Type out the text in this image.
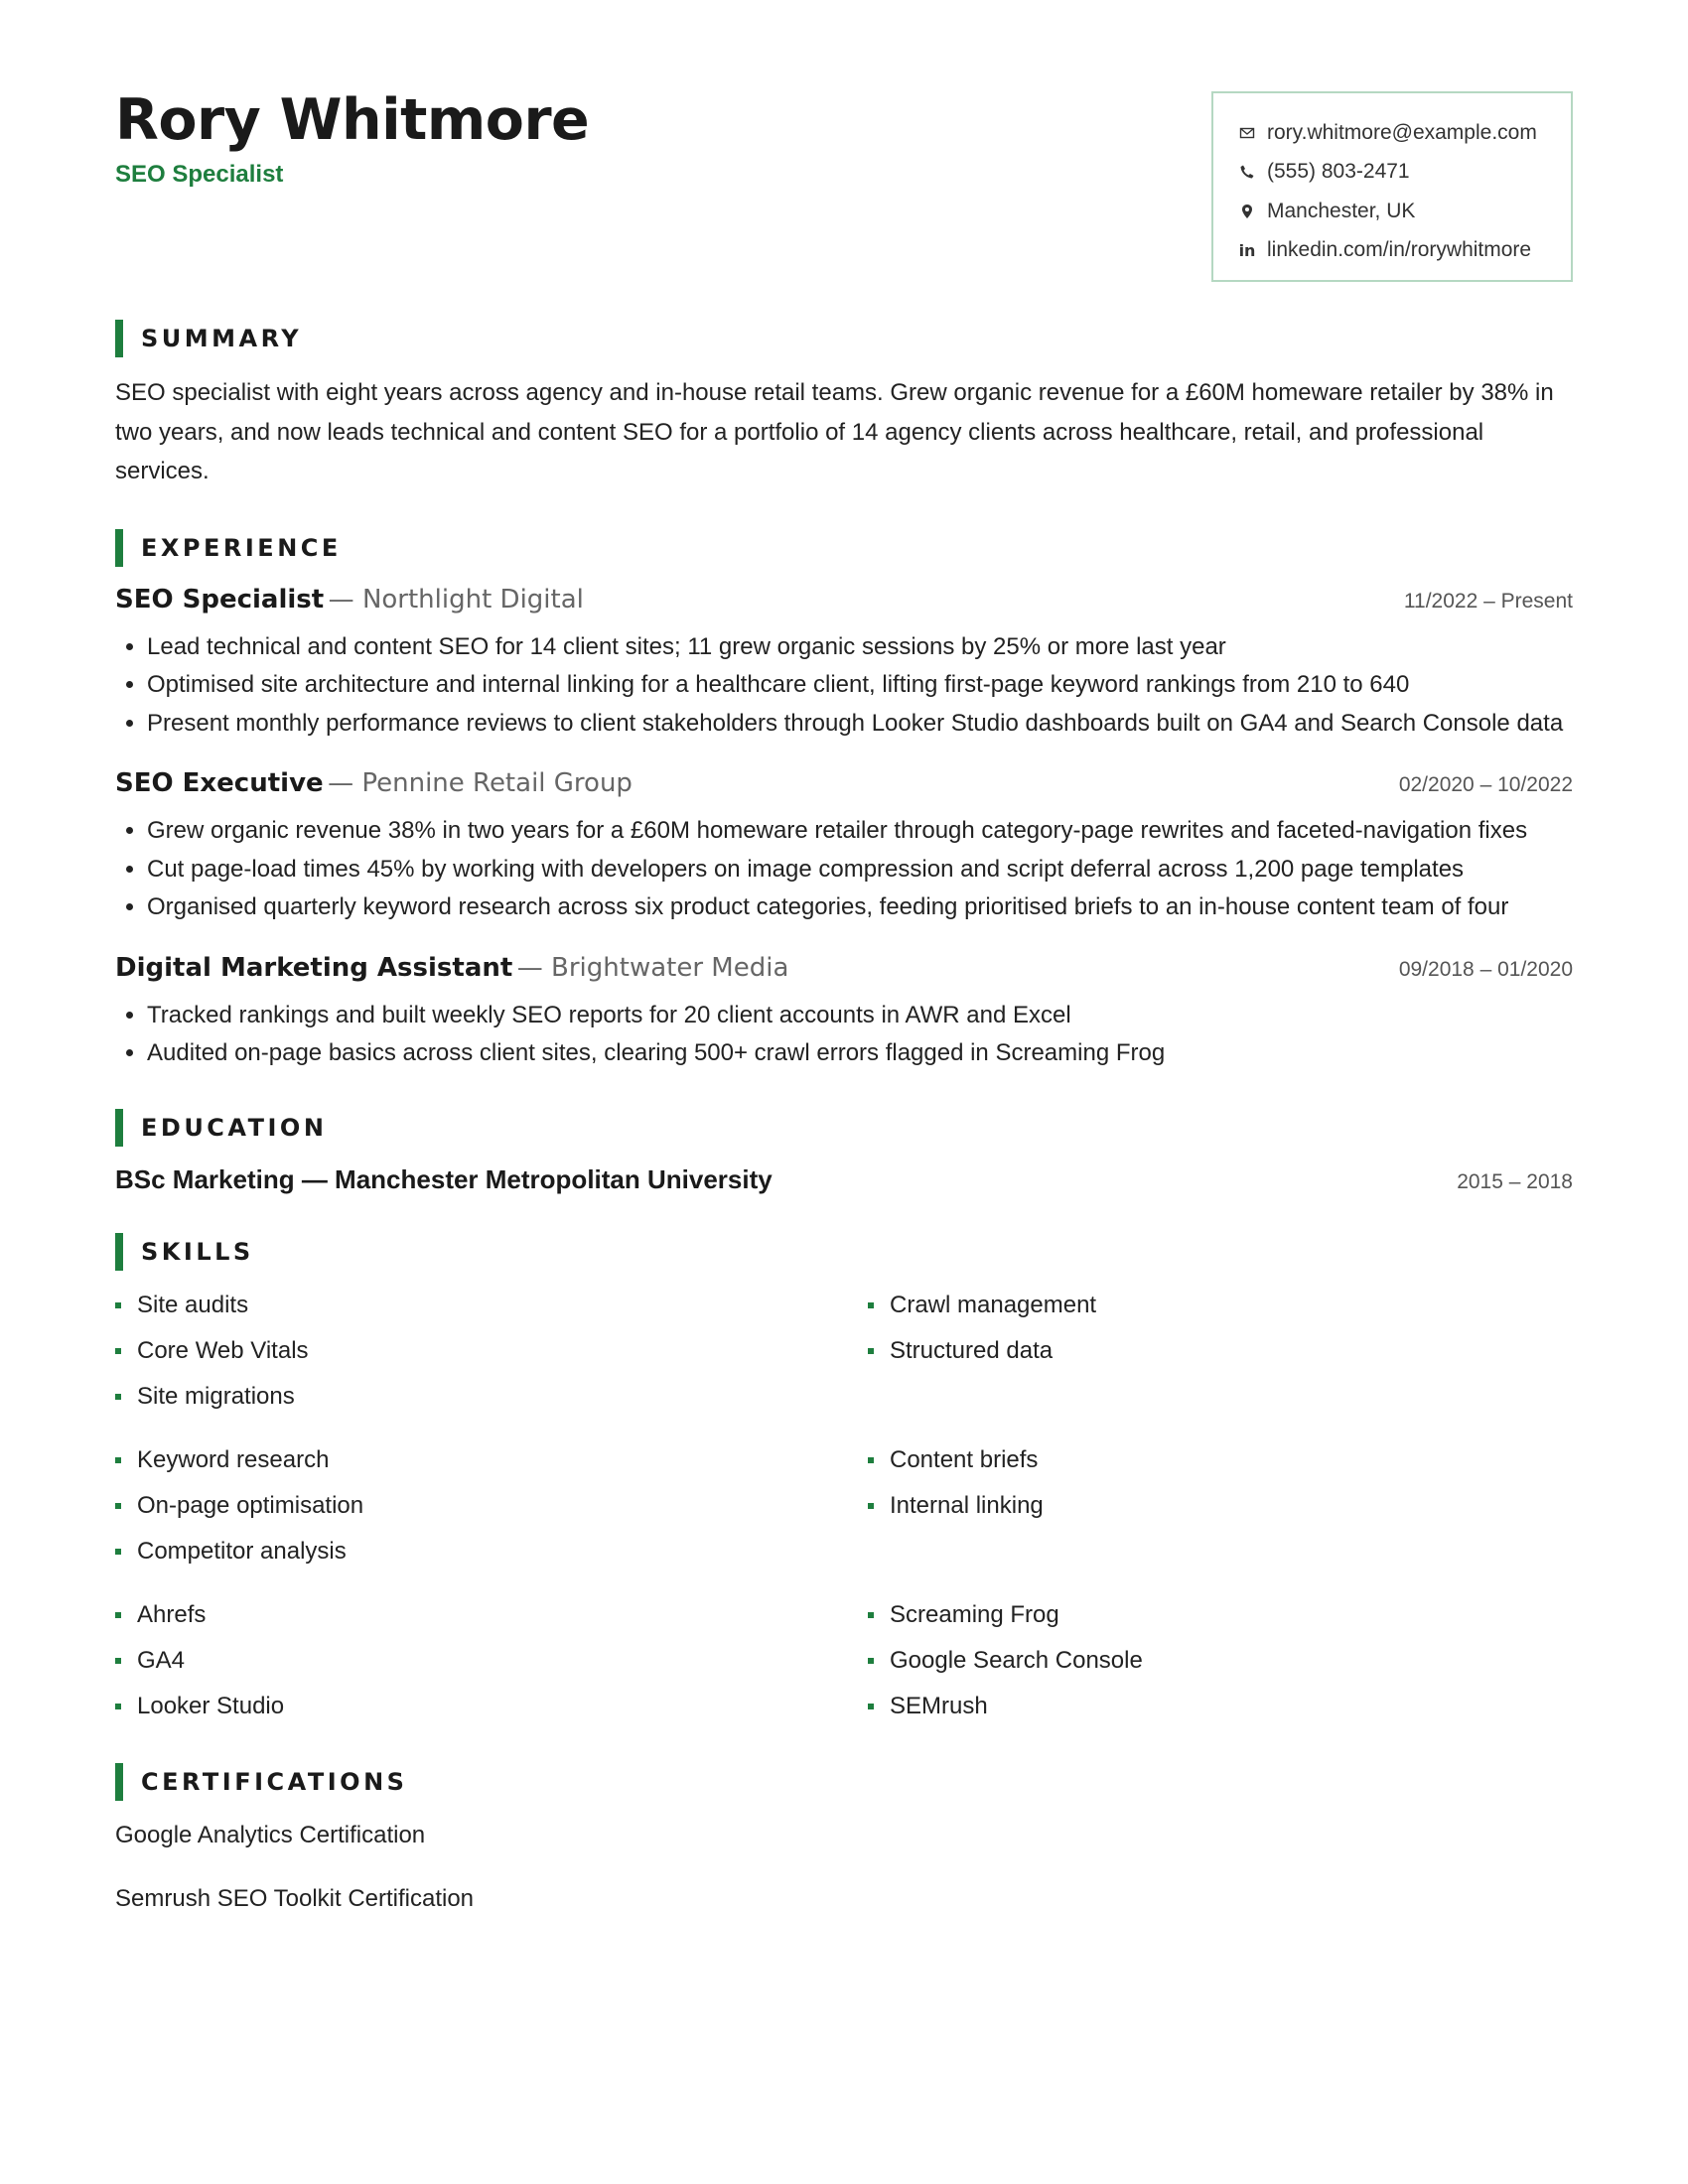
Rory Whitmore
SEO Specialist
rory.whitmore@example.com
(555) 803-2471
Manchester, UK
in linkedin.com/in/rorywhitmore
SUMMARY

SEO specialist with eight years across agency and in-house retail teams. Grew organic revenue for a £60M homeware retailer by 38% in two years, and now leads technical and content SEO for a portfolio of 14 agency clients across healthcare, retail, and professional services.

EXPERIENCE
SEO Specialist — Northlight Digital	11/2022 – Present
• Lead technical and content SEO for 14 client sites; 11 grew organic sessions by 25% or more last year
• Optimised site architecture and internal linking for a healthcare client, lifting first-page keyword rankings from 210 to 640
• Present monthly performance reviews to client stakeholders through Looker Studio dashboards built on GA4 and Search Console data
SEO Executive — Pennine Retail Group	02/2020 – 10/2022
• Grew organic revenue 38% in two years for a £60M homeware retailer through category-page rewrites and faceted-navigation fixes
• Cut page-load times 45% by working with developers on image compression and script deferral across 1,200 page templates
• Organised quarterly keyword research across six product categories, feeding prioritised briefs to an in-house content team of four
Digital Marketing Assistant — Brightwater Media	09/2018 – 01/2020
• Tracked rankings and built weekly SEO reports for 20 client accounts in AWR and Excel
• Audited on-page basics across client sites, clearing 500+ crawl errors flagged in Screaming Frog
EDUCATION
BSc Marketing — Manchester Metropolitan University	2015 – 2018
SKILLS
Site audits
Core Web Vitals
Site migrations
Crawl management
Structured data
Keyword research
On-page optimisation
Competitor analysis
Content briefs
Internal linking
Ahrefs
GA4
Looker Studio
Screaming Frog
Google Search Console
SEMrush
CERTIFICATIONS
Google Analytics Certification
Semrush SEO Toolkit Certification
